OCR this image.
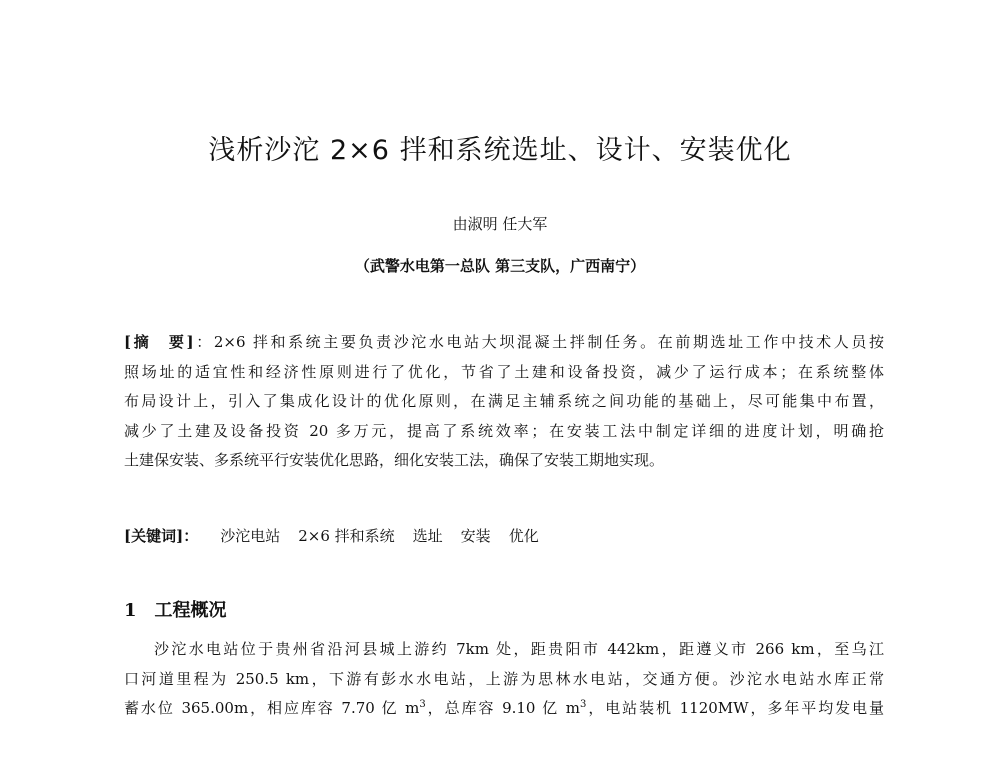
浅析沙沱 2×6 拌和系统选址、设计、安装优化

由淑明 任大军

（武警水电第一总队 第三支队，广西南宁）

[摘　要]：2×6 拌和系统主要负责沙沱水电站大坝混凝土拌制任务。在前期选址工作中技术人员按
照场址的适宜性和经济性原则进行了优化，节省了土建和设备投资，减少了运行成本；在系统整体
布局设计上，引入了集成化设计的优化原则，在满足主辅系统之间功能的基础上，尽可能集中布置，
减少了土建及设备投资 20 多万元，提高了系统效率；在安装工法中制定详细的进度计划，明确抢
土建保安装、多系统平行安装优化思路，细化安装工法，确保了安装工期地实现。

[关键词]： 沙沱电站 2×6 拌和系统 选址 安装 优化

1 工程概况
沙沱水电站位于贵州省沿河县城上游约 7km 处，距贵阳市 442km，距遵义市 266 km，至乌江
口河道里程为 250.5 km，下游有彭水水电站，上游为思林水电站，交通方便。沙沱水电站水库正常
蓄水位 365.00m，相应库容 7.70 亿 $m^3$，总库容 9.10 亿 $m^3$，电站装机 1120MW，多年平均发电量
